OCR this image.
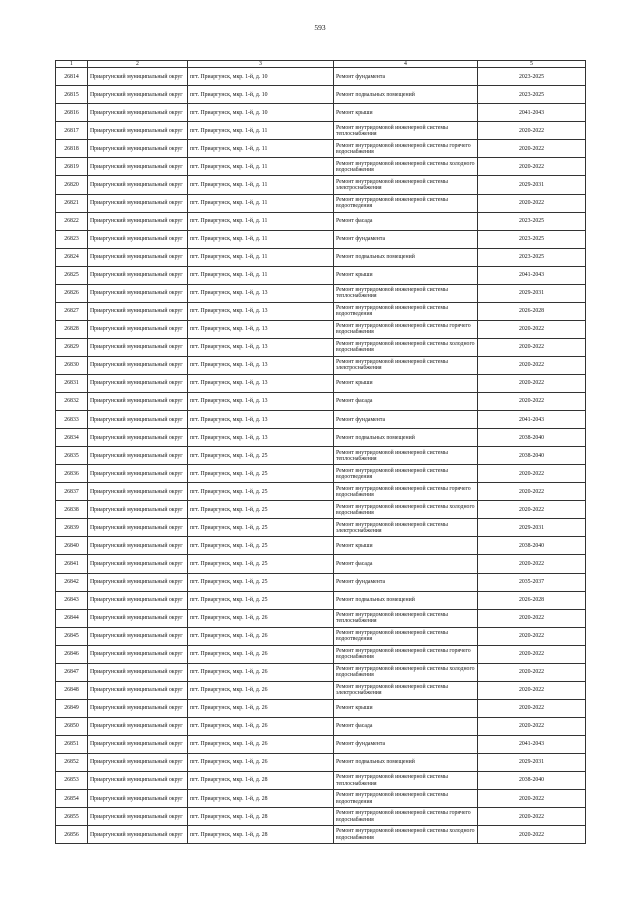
593
1	2	3	4	5
26814	Приаргунский муниципальный округ	пгт. Приаргунск, мкр. 1-й, д. 10	Ремонт фундамента	2023-2025
26815	Приаргунский муниципальный округ	пгт. Приаргунск, мкр. 1-й, д. 10	Ремонт подвальных помещений	2023-2025
26816	Приаргунский муниципальный округ	пгт. Приаргунск, мкр. 1-й, д. 10	Ремонт крыши	2041-2043
26817	Приаргунский муниципальный округ	пгт. Приаргунск, мкр. 1-й, д. 11	Ремонт внутридомовой инженерной системы теплоснабжения	2020-2022
26818	Приаргунский муниципальный округ	пгт. Приаргунск, мкр. 1-й, д. 11	Ремонт внутридомовой инженерной системы горячего водоснабжения	2020-2022
26819	Приаргунский муниципальный округ	пгт. Приаргунск, мкр. 1-й, д. 11	Ремонт внутридомовой инженерной системы холодного водоснабжения	2020-2022
26820	Приаргунский муниципальный округ	пгт. Приаргунск, мкр. 1-й, д. 11	Ремонт внутридомовой инженерной системы электроснабжения	2029-2031
26821	Приаргунский муниципальный округ	пгт. Приаргунск, мкр. 1-й, д. 11	Ремонт внутридомовой инженерной системы водоотведения	2020-2022
26822	Приаргунский муниципальный округ	пгт. Приаргунск, мкр. 1-й, д. 11	Ремонт фасада	2023-2025
26823	Приаргунский муниципальный округ	пгт. Приаргунск, мкр. 1-й, д. 11	Ремонт фундамента	2023-2025
26824	Приаргунский муниципальный округ	пгт. Приаргунск, мкр. 1-й, д. 11	Ремонт подвальных помещений	2023-2025
26825	Приаргунский муниципальный округ	пгт. Приаргунск, мкр. 1-й, д. 11	Ремонт крыши	2041-2043
26826	Приаргунский муниципальный округ	пгт. Приаргунск, мкр. 1-й, д. 13	Ремонт внутридомовой инженерной системы теплоснабжения	2029-2031
26827	Приаргунский муниципальный округ	пгт. Приаргунск, мкр. 1-й, д. 13	Ремонт внутридомовой инженерной системы водоотведения	2026-2028
26828	Приаргунский муниципальный округ	пгт. Приаргунск, мкр. 1-й, д. 13	Ремонт внутридомовой инженерной системы горячего водоснабжения	2020-2022
26829	Приаргунский муниципальный округ	пгт. Приаргунск, мкр. 1-й, д. 13	Ремонт внутридомовой инженерной системы холодного водоснабжения	2020-2022
26830	Приаргунский муниципальный округ	пгт. Приаргунск, мкр. 1-й, д. 13	Ремонт внутридомовой инженерной системы электроснабжения	2020-2022
26831	Приаргунский муниципальный округ	пгт. Приаргунск, мкр. 1-й, д. 13	Ремонт крыши	2020-2022
26832	Приаргунский муниципальный округ	пгт. Приаргунск, мкр. 1-й, д. 13	Ремонт фасада	2020-2022
26833	Приаргунский муниципальный округ	пгт. Приаргунск, мкр. 1-й, д. 13	Ремонт фундамента	2041-2043
26834	Приаргунский муниципальный округ	пгт. Приаргунск, мкр. 1-й, д. 13	Ремонт подвальных помещений	2038-2040
26835	Приаргунский муниципальный округ	пгт. Приаргунск, мкр. 1-й, д. 25	Ремонт внутридомовой инженерной системы теплоснабжения	2038-2040
26836	Приаргунский муниципальный округ	пгт. Приаргунск, мкр. 1-й, д. 25	Ремонт внутридомовой инженерной системы водоотведения	2020-2022
26837	Приаргунский муниципальный округ	пгт. Приаргунск, мкр. 1-й, д. 25	Ремонт внутридомовой инженерной системы горячего водоснабжения	2020-2022
26838	Приаргунский муниципальный округ	пгт. Приаргунск, мкр. 1-й, д. 25	Ремонт внутридомовой инженерной системы холодного водоснабжения	2020-2022
26839	Приаргунский муниципальный округ	пгт. Приаргунск, мкр. 1-й, д. 25	Ремонт внутридомовой инженерной системы электроснабжения	2029-2031
26840	Приаргунский муниципальный округ	пгт. Приаргунск, мкр. 1-й, д. 25	Ремонт крыши	2038-2040
26841	Приаргунский муниципальный округ	пгт. Приаргунск, мкр. 1-й, д. 25	Ремонт фасада	2020-2022
26842	Приаргунский муниципальный округ	пгт. Приаргунск, мкр. 1-й, д. 25	Ремонт фундамента	2035-2037
26843	Приаргунский муниципальный округ	пгт. Приаргунск, мкр. 1-й, д. 25	Ремонт подвальных помещений	2026-2028
26844	Приаргунский муниципальный округ	пгт. Приаргунск, мкр. 1-й, д. 26	Ремонт внутридомовой инженерной системы теплоснабжения	2020-2022
26845	Приаргунский муниципальный округ	пгт. Приаргунск, мкр. 1-й, д. 26	Ремонт внутридомовой инженерной системы водоотведения	2020-2022
26846	Приаргунский муниципальный округ	пгт. Приаргунск, мкр. 1-й, д. 26	Ремонт внутридомовой инженерной системы горячего водоснабжения	2020-2022
26847	Приаргунский муниципальный округ	пгт. Приаргунск, мкр. 1-й, д. 26	Ремонт внутридомовой инженерной системы холодного водоснабжения	2020-2022
26848	Приаргунский муниципальный округ	пгт. Приаргунск, мкр. 1-й, д. 26	Ремонт внутридомовой инженерной системы электроснабжения	2020-2022
26849	Приаргунский муниципальный округ	пгт. Приаргунск, мкр. 1-й, д. 26	Ремонт крыши	2020-2022
26850	Приаргунский муниципальный округ	пгт. Приаргунск, мкр. 1-й, д. 26	Ремонт фасада	2020-2022
26851	Приаргунский муниципальный округ	пгт. Приаргунск, мкр. 1-й, д. 26	Ремонт фундамента	2041-2043
26852	Приаргунский муниципальный округ	пгт. Приаргунск, мкр. 1-й, д. 26	Ремонт подвальных помещений	2029-2031
26853	Приаргунский муниципальный округ	пгт. Приаргунск, мкр. 1-й, д. 28	Ремонт внутридомовой инженерной системы теплоснабжения	2038-2040
26854	Приаргунский муниципальный округ	пгт. Приаргунск, мкр. 1-й, д. 28	Ремонт внутридомовой инженерной системы водоотведения	2020-2022
26855	Приаргунский муниципальный округ	пгт. Приаргунск, мкр. 1-й, д. 28	Ремонт внутридомовой инженерной системы горячего водоснабжения	2020-2022
26856	Приаргунский муниципальный округ	пгт. Приаргунск, мкр. 1-й, д. 28	Ремонт внутридомовой инженерной системы холодного водоснабжения	2020-2022
